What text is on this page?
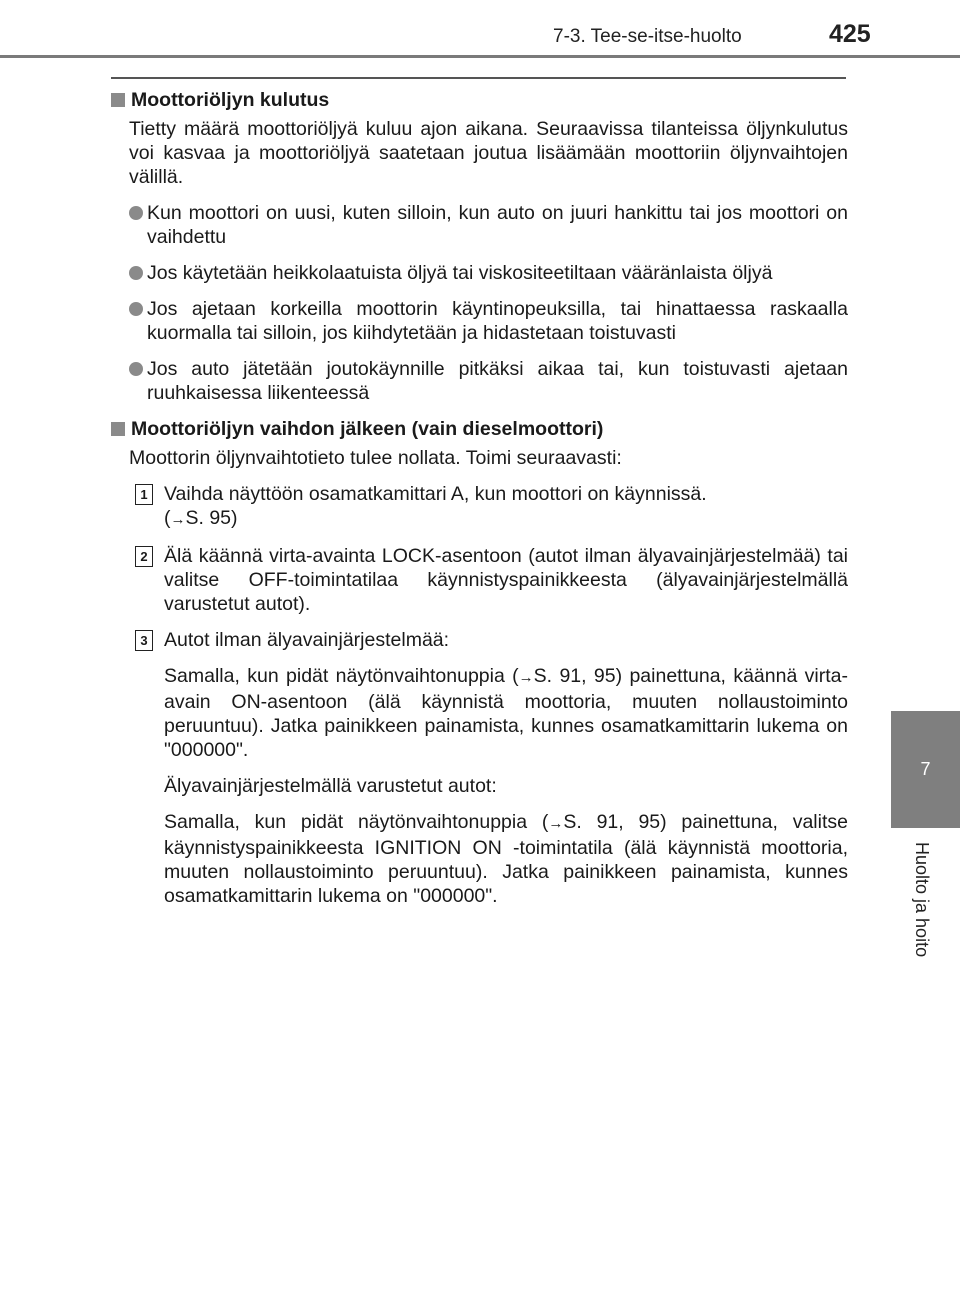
7-3. Tee-se-itse-huolto	425
7
Huolto ja hoito
Moottoriöljyn kulutus
Tietty määrä moottoriöljyä kuluu ajon aikana. Seuraavissa tilanteissa öljynkulutus voi kasvaa ja moottoriöljyä saatetaan joutua lisäämään moottoriin öljynvaihtojen välillä.
Kun moottori on uusi, kuten silloin, kun auto on juuri hankittu tai jos moottori on vaihdettu
Jos käytetään heikkolaatuista öljyä tai viskositeetiltaan vääränlaista öljyä
Jos ajetaan korkeilla moottorin käyntinopeuksilla, tai hinattaessa raskaalla kuormalla tai silloin, jos kiihdytetään ja hidastetaan toistuvasti
Jos auto jätetään joutokäynnille pitkäksi aikaa tai, kun toistuvasti ajetaan ruuhkaisessa liikenteessä
Moottoriöljyn vaihdon jälkeen (vain dieselmoottori)
Moottorin öljynvaihtotieto tulee nollata. Toimi seuraavasti:
1 Vaihda näyttöön osamatkamittari A, kun moottori on käynnissä.
(→S. 95)
2 Älä käännä virta-avainta LOCK-asentoon (autot ilman älyavainjärjestelmää) tai valitse OFF-toimintatilaa käynnistyspainikkeesta (älyavainjärjestelmällä varustetut autot).
3 Autot ilman älyavainjärjestelmää:
Samalla, kun pidät näytönvaihtonuppia (→S. 91, 95) painettuna, käännä virta-avain ON-asentoon (älä käynnistä moottoria, muuten nollaustoiminto peruuntuu). Jatka painikkeen painamista, kunnes osamatkamittarin lukema on "000000".
Älyavainjärjestelmällä varustetut autot:
Samalla, kun pidät näytönvaihtonuppia (→S. 91, 95) painettuna, valitse käynnistyspainikkeesta IGNITION ON -toimintatila (älä käynnistä moottoria, muuten nollaustoiminto peruuntuu). Jatka painikkeen painamista, kunnes osamatkamittarin lukema on "000000".
